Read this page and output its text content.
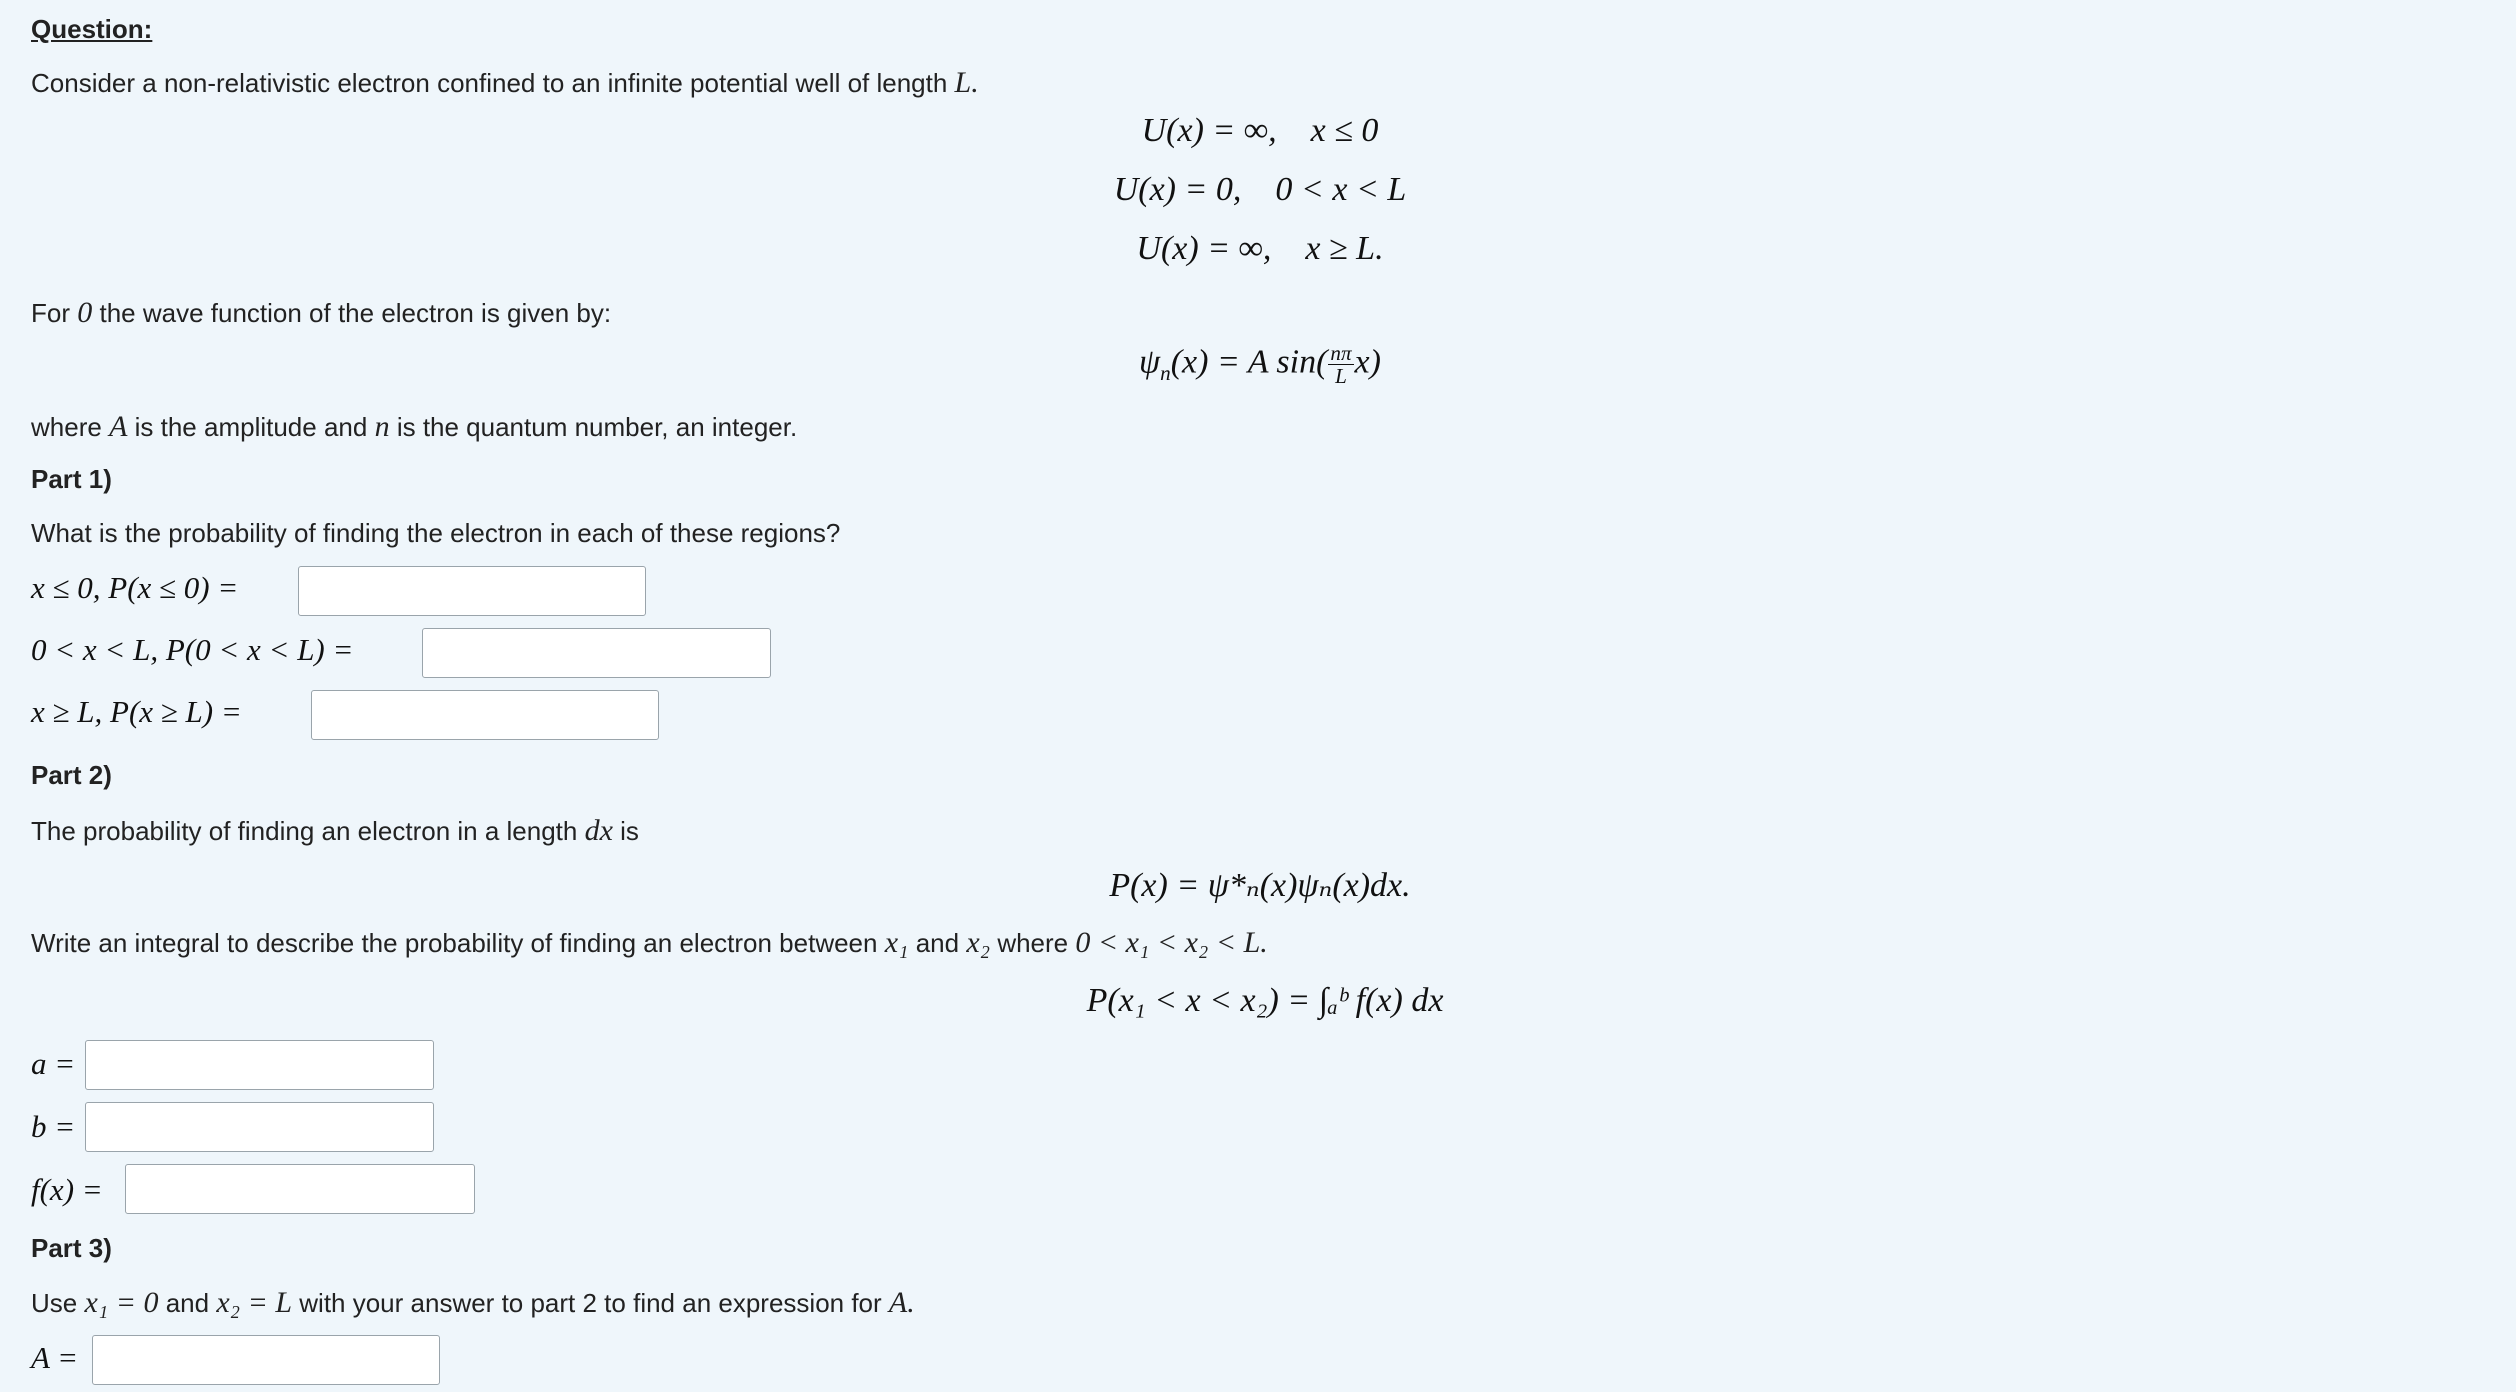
Question:
Consider a non-relativistic electron confined to an infinite potential well of length L.
U(x) = ∞, x ≤ 0
U(x) = 0, 0 < x < L
U(x) = ∞, x ≥ L.
For 0 the wave function of the electron is given by:
$\psi_n(x) = A$ $\sin( \frac{n\pi}{L} x)$
where A is the amplitude and n is the quantum number, an integer.
Part 1)
What is the probability of finding the electron in each of these regions?
x ≤ 0, P(x ≤ 0) =
0 < x < L, P(0 < x < L) =
x ≥ L, P(x ≥ L) =
Part 2)
The probability of finding an electron in a length dx is
P(x) = ψ*ₙ(x)ψₙ(x)dx.
Write an integral to describe the probability of finding an electron between x₁ and x₂ where 0 < x₁ < x₂ < L.
P(x₁ < x < x₂) = ∫ₐᵇ f(x) dx
a =
b =
f(x) =
Part 3)
Use x₁ = 0 and x₂ = L with your answer to part 2 to find an expression for A.
A =
